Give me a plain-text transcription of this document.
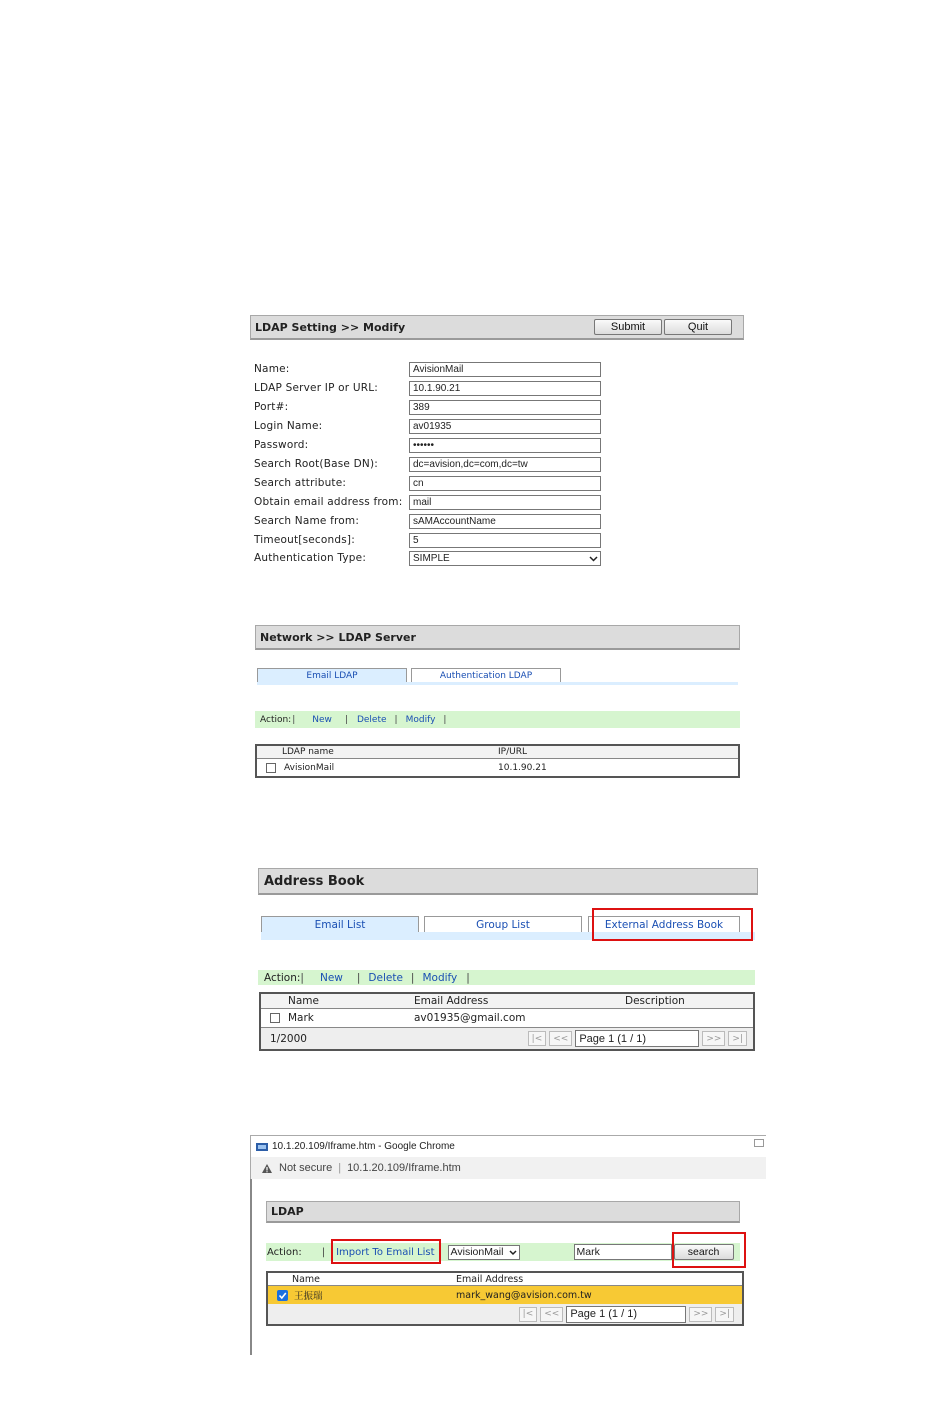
LDAP Setting >> Modify	Submit	Quit
Name:	AvisionMail
LDAP Server IP or URL:	10.1.90.21
Port#:	389
Login Name:	av01935
Password:	••••••
Search Root(Base DN):	dc=avision,dc=com,dc=tw
Search attribute:	cn
Obtain email address from:	mail
Search Name from:	sAMAccountName
Timeout[seconds]:	5
Authentication Type:	SIMPLE
Network >> LDAP Server
Email LDAP	Authentication LDAP
Action: | New | Delete | Modify |
LDAP name	IP/URL
AvisionMail	10.1.90.21
Address Book
Email List	Group List	External Address Book
Action: | New | Delete | Modify |
Name	Email Address	Description
Mark	av01935@gmail.com
1/2000	|<	<<	Page 1 (1 / 1)	>>	>|
10.1.20.109/Iframe.htm - Google Chrome
Not secure | 10.1.20.109/Iframe.htm
LDAP
Action: | Import To Email List AvisionMail	Mark	search
Name	Email Address
王振瑞	mark_wang@avision.com.tw
|<	<<	Page 1 (1 / 1)	>>	>|
